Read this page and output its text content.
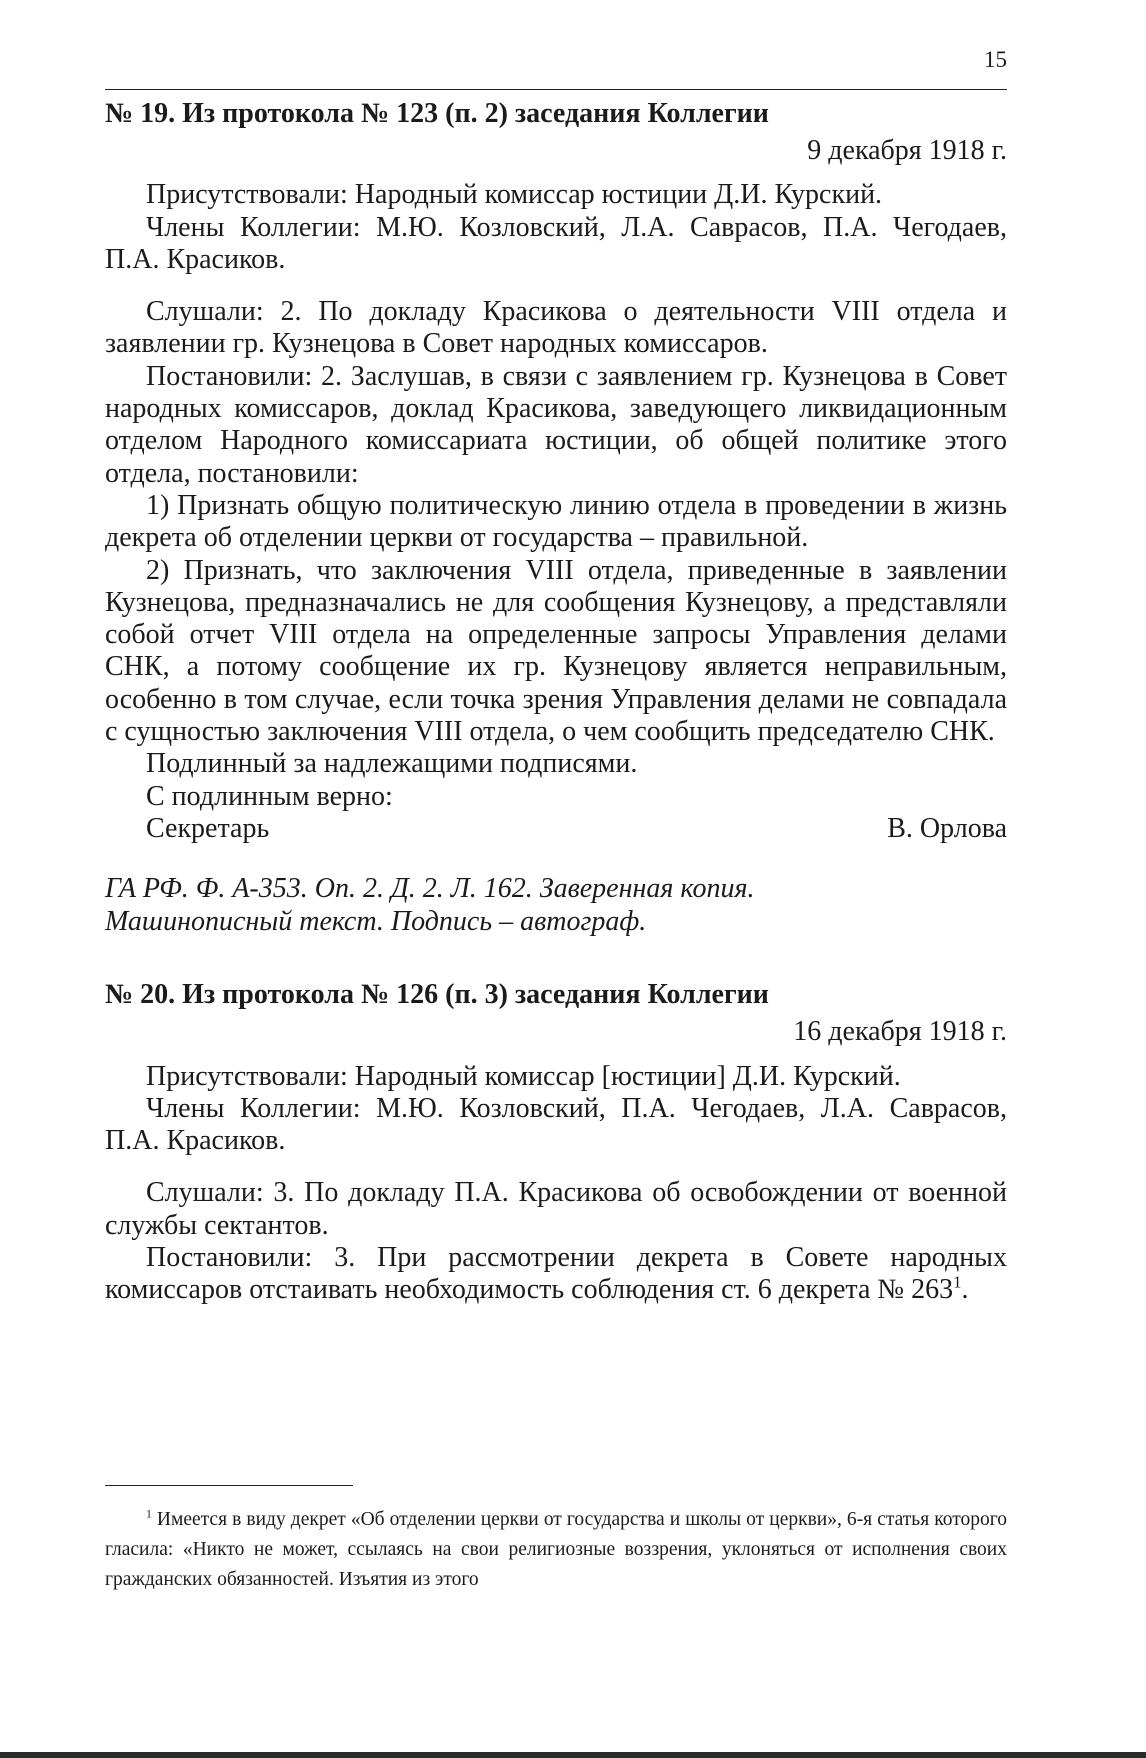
15
№ 19. Из протокола № 123 (п. 2) заседания Коллегии

9 декабря 1918 г.

Присутствовали: Народный комиссар юстиции Д.И. Курский.

Члены Коллегии: М.Ю. Козловский, Л.А. Саврасов, П.А. Чегодаев, П.А. Красиков.

Слушали: 2. По докладу Красикова о деятельности VIII отдела и заявлении гр. Кузнецова в Совет народных комиссаров.

Постановили: 2. Заслушав, в связи с заявлением гр. Кузнецова в Совет народных комиссаров, доклад Красикова, заведующего ликвидационным отделом Народного комиссариата юстиции, об общей политике этого отдела, постановили:

1) Признать общую политическую линию отдела в проведении в жизнь декрета об отделении церкви от государства – правильной.

2) Признать, что заключения VIII отдела, приведенные в заявлении Кузнецова, предназначались не для сообщения Кузнецову, а представляли собой отчет VIII отдела на определенные запросы Управления делами СНК, а потому сообщение их гр. Кузнецову является неправильным, особенно в том случае, если точка зрения Управления делами не совпадала с сущностью заключения VIII отдела, о чем сообщить председателю СНК.

Подлинный за надлежащими подписями.

С подлинным верно:

Секретарь	В. Орлова

ГА РФ. Ф. А-353. Оп. 2. Д. 2. Л. 162. Заверенная копия.
Машинописный текст. Подпись – автограф.

№ 20. Из протокола № 126 (п. 3) заседания Коллегии

16 декабря 1918 г.

Присутствовали: Народный комиссар [юстиции] Д.И. Курский.

Члены Коллегии: М.Ю. Козловский, П.А. Чегодаев, Л.А. Саврасов, П.А. Красиков.

Слушали: 3. По докладу П.А. Красикова об освобождении от военной службы сектантов.

Постановили: 3. При рассмотрении декрета в Совете народных комиссаров отстаивать необходимость соблюдения ст. 6 декрета № $263^1$.

$^1$ Имеется в виду декрет «Об отделении церкви от государства и школы от церкви», 6-я статья которого гласила: «Никто не может, ссылаясь на свои религиозные воззрения, уклоняться от исполнения своих гражданских обязанностей. Изъятия из этого
